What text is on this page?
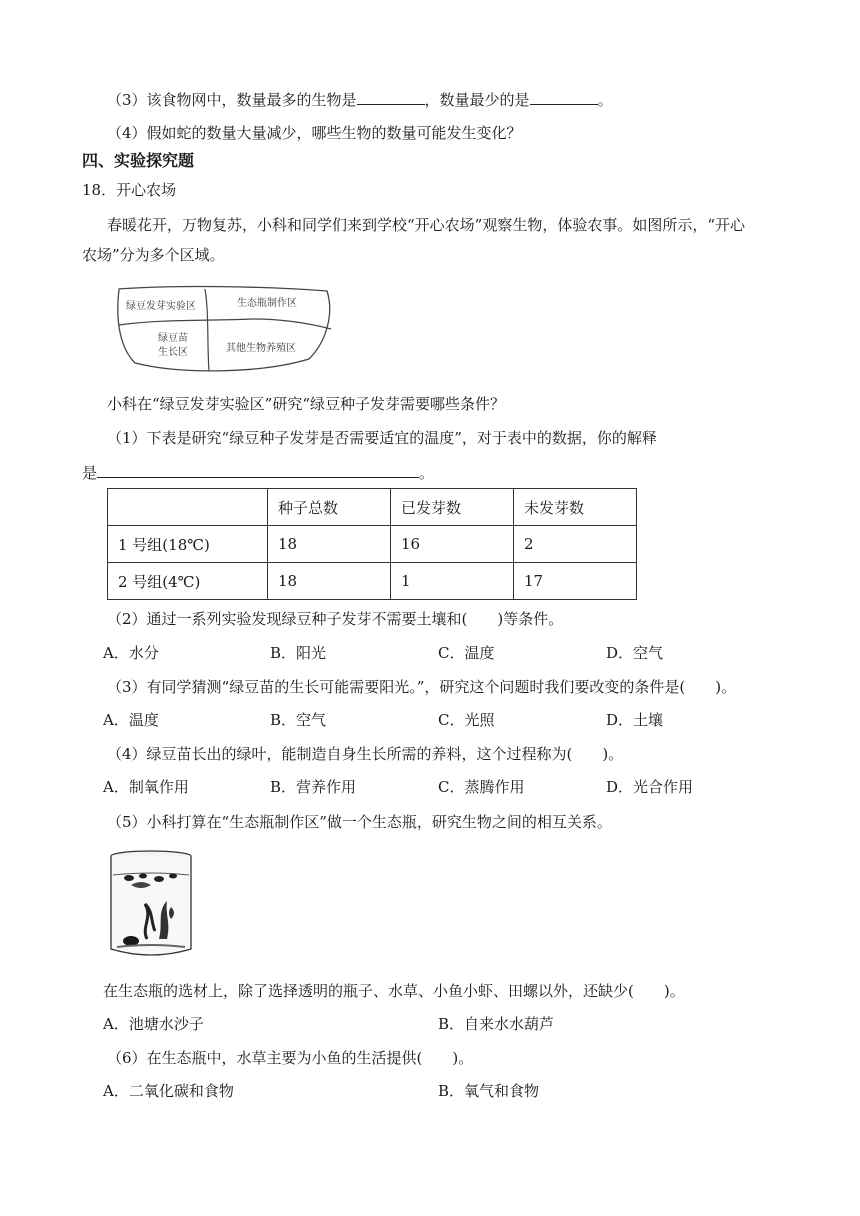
（3）该食物网中，数量最多的生物是	，数量最少的是	。
（4）假如蛇的数量大量减少，哪些生物的数量可能发生变化？
四、实验探究题
18．开心农场
春暖花开，万物复苏，小科和同学们来到学校“开心农场”观察生物，体验农事。如图所示，“开心
农场”分为多个区域。
绿豆发芽实验区	生态瓶制作区
绿豆苗
生长区	其他生物养殖区
小科在“绿豆发芽实验区”研究“绿豆种子发芽需要哪些条件？
（1）下表是研究“绿豆种子发芽是否需要适宜的温度”，对于表中的数据，你的解释
是	。
	种子总数	已发芽数	未发芽数
1 号组(18℃)	18	16	2
2 号组(4℃)	18	1	17
（2）通过一系列实验发现绿豆种子发芽不需要土壤和(　　)等条件。
A．水分	B．阳光	C．温度	D．空气
（3）有同学猜测“绿豆苗的生长可能需要阳光。”，研究这个问题时我们要改变的条件是(　　)。
A．温度	B．空气	C．光照	D．土壤
（4）绿豆苗长出的绿叶，能制造自身生长所需的养料，这个过程称为(　　)。
A．制氧作用	B．营养作用	C．蒸腾作用	D．光合作用
（5）小科打算在“生态瓶制作区”做一个生态瓶，研究生物之间的相互关系。
在生态瓶的选材上，除了选择透明的瓶子、水草、小鱼小虾、田螺以外，还缺少(　　)。
A．池塘水沙子	B．自来水水葫芦
（6）在生态瓶中，水草主要为小鱼的生活提供(　　)。
A．二氧化碳和食物	B．氧气和食物
